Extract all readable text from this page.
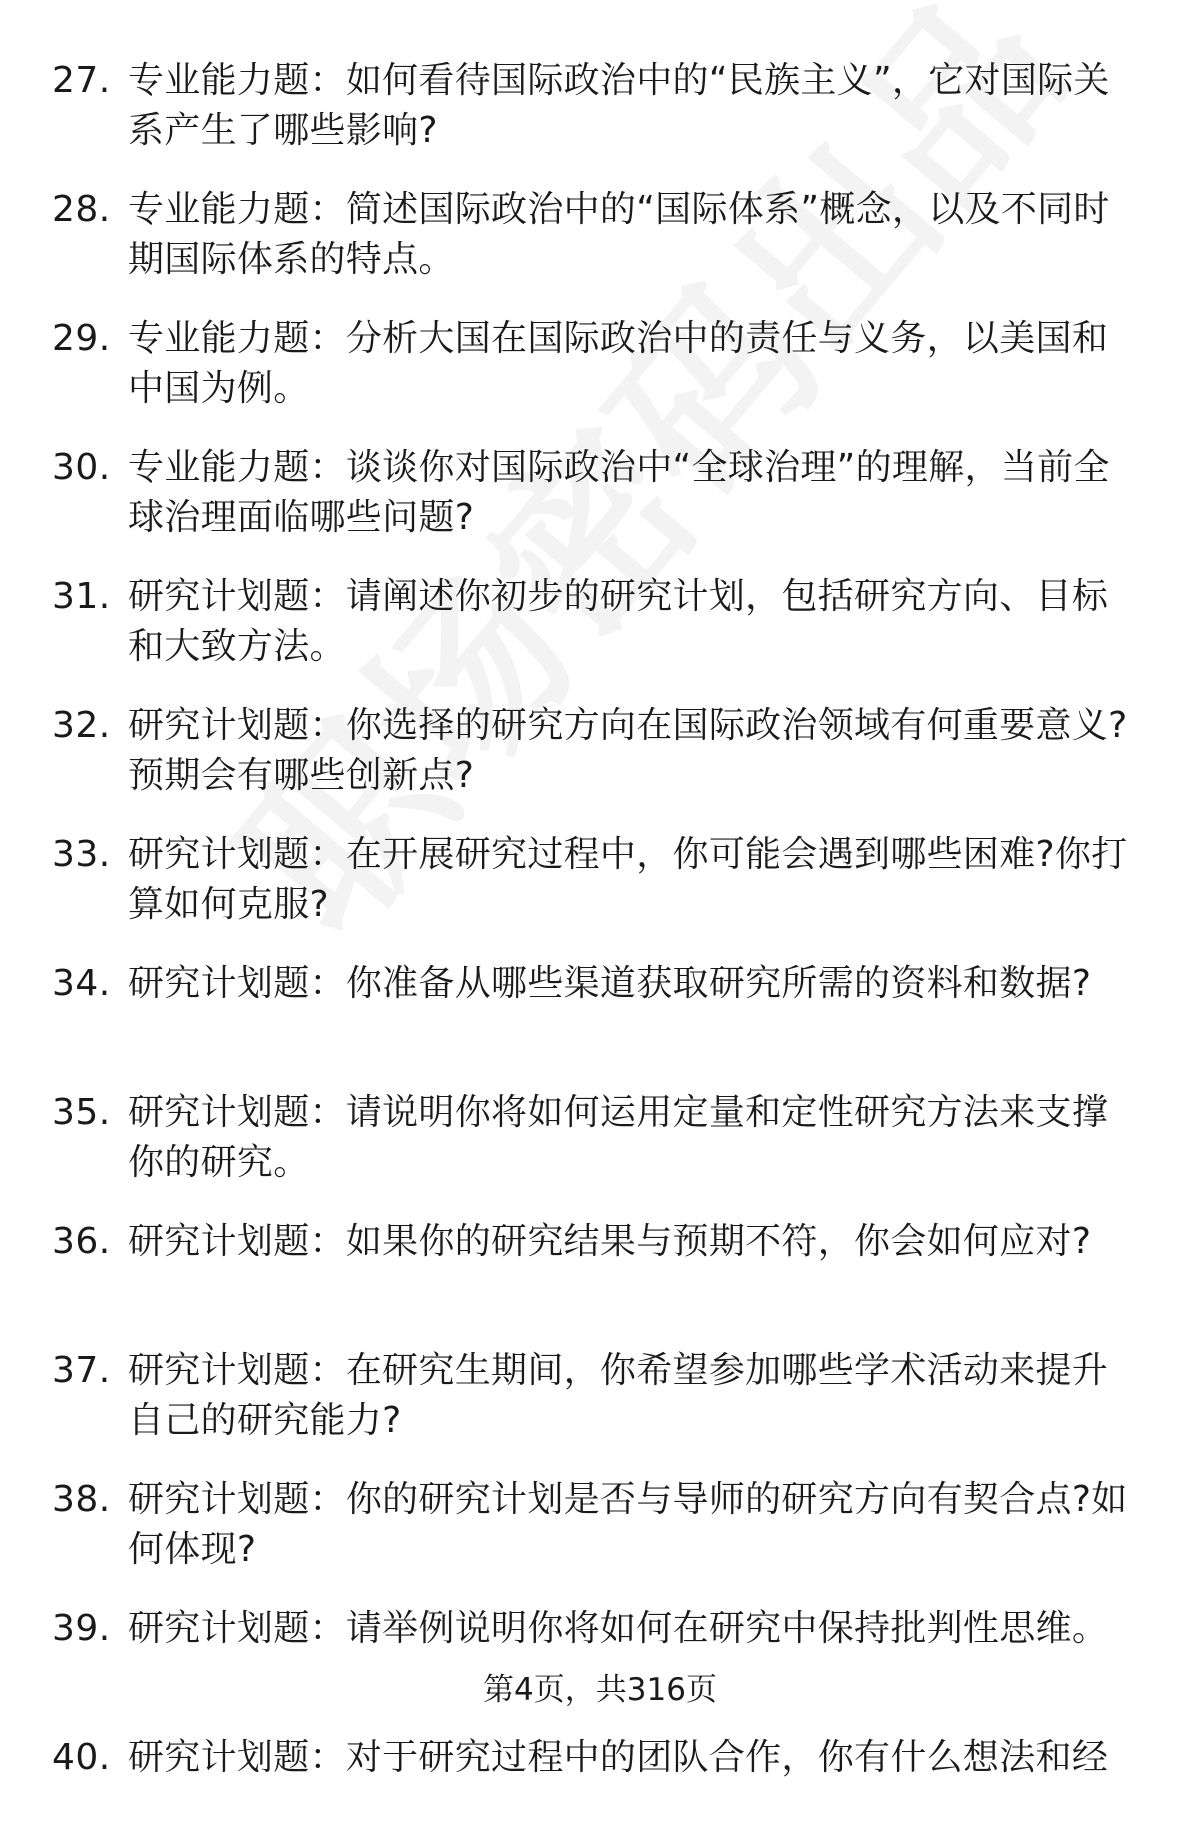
27. 专业能力题：如何看待国际政治中的“民族主义”，它对国际关系产生了哪些影响?

28. 专业能力题：简述国际政治中的“国际体系”概念，以及不同时期国际体系的特点。

29. 专业能力题：分析大国在国际政治中的责任与义务，以美国和中国为例。

30. 专业能力题：谈谈你对国际政治中“全球治理”的理解，当前全球治理面临哪些问题?

31. 研究计划题：请阐述你初步的研究计划，包括研究方向、目标和大致方法。

32. 研究计划题：你选择的研究方向在国际政治领域有何重要意义?预期会有哪些创新点?

33. 研究计划题：在开展研究过程中，你可能会遇到哪些困难?你打算如何克服?

34. 研究计划题：你准备从哪些渠道获取研究所需的资料和数据?

35. 研究计划题：请说明你将如何运用定量和定性研究方法来支撑你的研究。

36. 研究计划题：如果你的研究结果与预期不符，你会如何应对?

37. 研究计划题：在研究生期间，你希望参加哪些学术活动来提升自己的研究能力?

38. 研究计划题：你的研究计划是否与导师的研究方向有契合点?如何体现?

39. 研究计划题：请举例说明你将如何在研究中保持批判性思维。

40. 研究计划题：对于研究过程中的团队合作，你有什么想法和经

第4页，共316页
